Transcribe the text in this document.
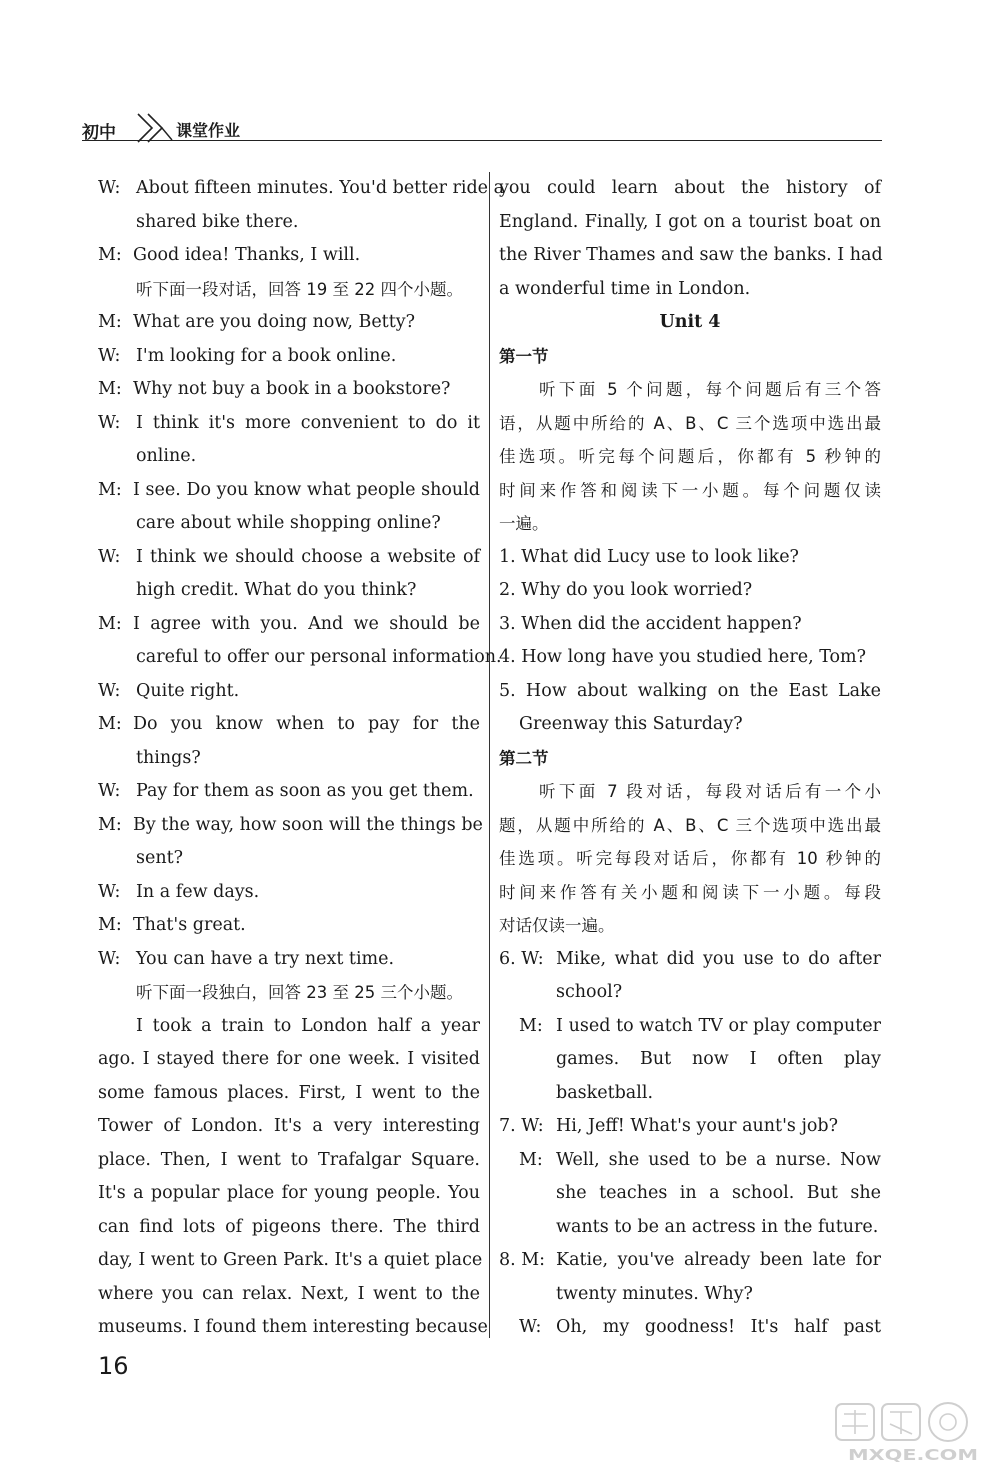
初中	课堂作业
W: About fifteen minutes. You'd better ride a
shared bike there.
M: Good idea! Thanks, I will.
听下面一段对话，回答 19 至 22 四个小题。
M: What are you doing now, Betty?
W: I'm looking for a book online.
M: Why not buy a book in a bookstore?
W: I think it's more convenient to do it
online.
M: I see. Do you know what people should
care about while shopping online?
W: I think we should choose a website of
high credit. What do you think?
M: I agree with you. And we should be
careful to offer our personal information.
W: Quite right.
M: Do you know when to pay for the
things?
W: Pay for them as soon as you get them.
M: By the way, how soon will the things be
sent?
W: In a few days.
M: That's great.
W: You can have a try next time.
听下面一段独白，回答 23 至 25 三个小题。
I took a train to London half a year
ago. I stayed there for one week. I visited
some famous places. First, I went to the
Tower of London. It's a very interesting
place. Then, I went to Trafalgar Square.
It's a popular place for young people. You
can find lots of pigeons there. The third
day, I went to Green Park. It's a quiet place
where you can relax. Next, I went to the
museums. I found them interesting because
you could learn about the history of
England. Finally, I got on a tourist boat on
the River Thames and saw the banks. I had
a wonderful time in London.
Unit 4
第一节
听下面 5 个问题，每个问题后有三个答
语，从题中所给的 A、B、C 三个选项中选出最
佳选项。听完每个问题后，你都有 5 秒钟的
时间来作答和阅读下一小题。每个问题仅读
一遍。
1. What did Lucy use to look like?
2. Why do you look worried?
3. When did the accident happen?
4. How long have you studied here, Tom?
5. How about walking on the East Lake
Greenway this Saturday?
第二节
听下面 7 段对话，每段对话后有一个小
题，从题中所给的 A、B、C 三个选项中选出最
佳选项。听完每段对话后，你都有 10 秒钟的
时间来作答有关小题和阅读下一小题。每段
对话仅读一遍。
6. W: Mike, what did you use to do after
school?
M: I used to watch TV or play computer
games. But now I often play
basketball.
7. W: Hi, Jeff! What's your aunt's job?
M: Well, she used to be a nurse. Now
she teaches in a school. But she
wants to be an actress in the future.
8. M: Katie, you've already been late for
twenty minutes. Why?
W: Oh, my goodness! It's half past
16
MXQE.COM
